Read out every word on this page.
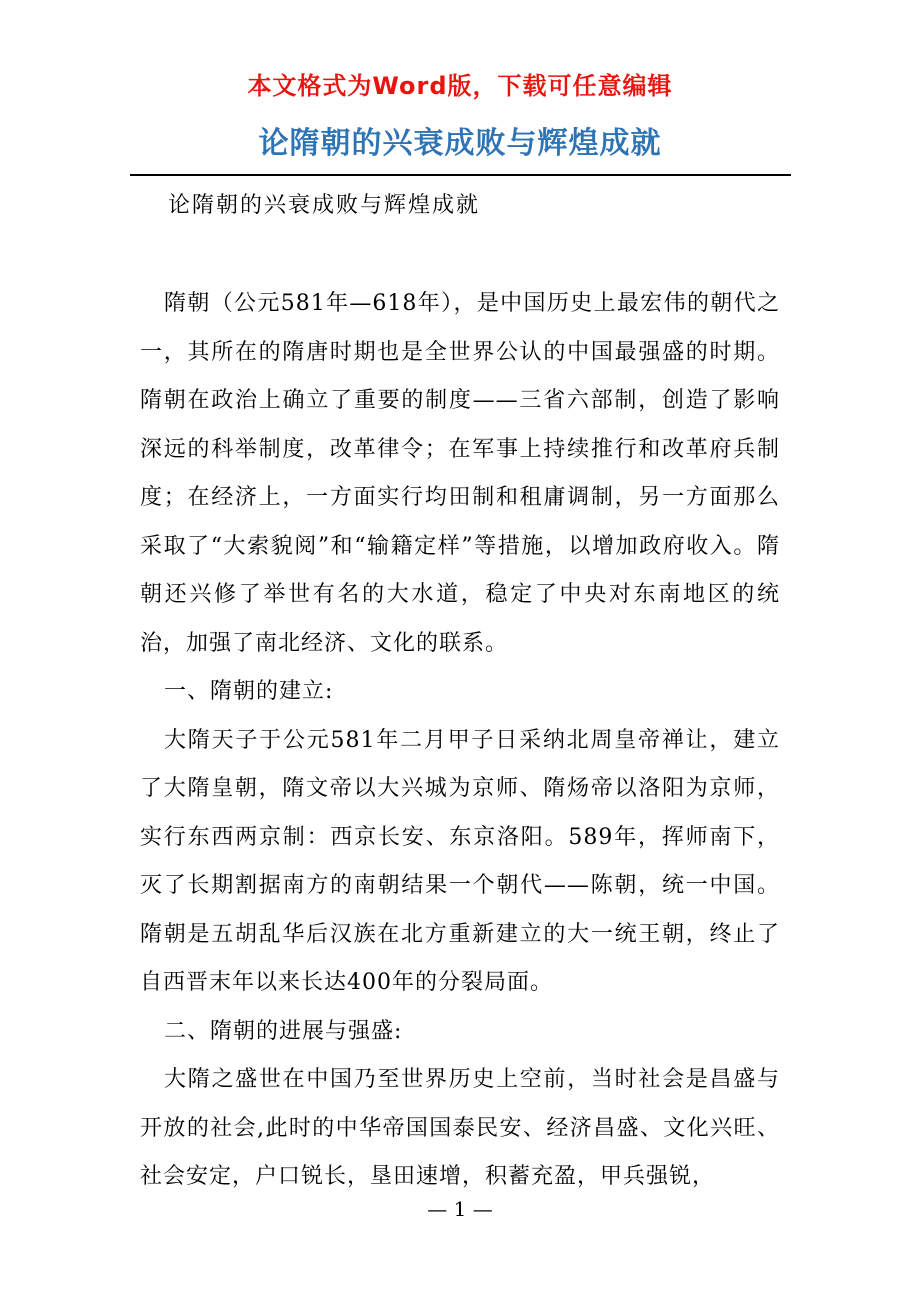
本文格式为Word版，下载可任意编辑
论隋朝的兴衰成败与辉煌成就
论隋朝的兴衰成败与辉煌成就

隋朝（公元581年—618年），是中国历史上最宏伟的朝代之一，其所在的隋唐时期也是全世界公认的中国最强盛的时期。隋朝在政治上确立了重要的制度——三省六部制，创造了影响深远的科举制度，改革律令；在军事上持续推行和改革府兵制度；在经济上，一方面实行均田制和租庸调制，另一方面那么采取了“大索貌阅”和“输籍定样”等措施，以增加政府收入。隋朝还兴修了举世有名的大水道，稳定了中央对东南地区的统治，加强了南北经济、文化的联系。

一、隋朝的建立:

大隋天子于公元581年二月甲子日采纳北周皇帝禅让，建立了大隋皇朝，隋文帝以大兴城为京师、隋炀帝以洛阳为京师，实行东西两京制：西京长安、东京洛阳。589年，挥师南下，灭了长期割据南方的南朝结果一个朝代——陈朝，统一中国。隋朝是五胡乱华后汉族在北方重新建立的大一统王朝，终止了自西晋末年以来长达400年的分裂局面。

二、隋朝的进展与强盛:

大隋之盛世在中国乃至世界历史上空前，当时社会是昌盛与开放的社会,此时的中华帝国国泰民安、经济昌盛、文化兴旺、社会安定，户口锐长，垦田速增，积蓄充盈，甲兵强锐，

— 1 —
